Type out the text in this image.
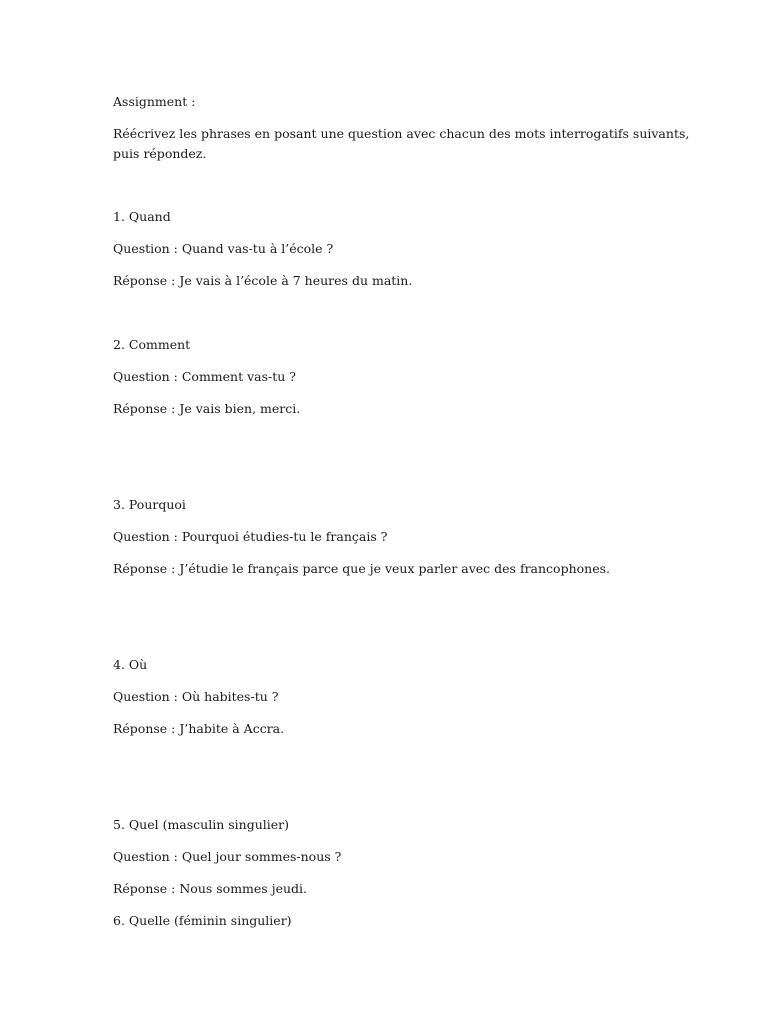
Assignment :

Réécrivez les phrases en posant une question avec chacun des mots interrogatifs suivants,

puis répondez.

1. Quand

Question : Quand vas-tu à l’école ?

Réponse : Je vais à l’école à 7 heures du matin.

2. Comment

Question : Comment vas-tu ?

Réponse : Je vais bien, merci.

3. Pourquoi

Question : Pourquoi étudies-tu le français ?

Réponse : J’étudie le français parce que je veux parler avec des francophones.

4. Où

Question : Où habites-tu ?

Réponse : J’habite à Accra.

5. Quel (masculin singulier)

Question : Quel jour sommes-nous ?

Réponse : Nous sommes jeudi.

6. Quelle (féminin singulier)
